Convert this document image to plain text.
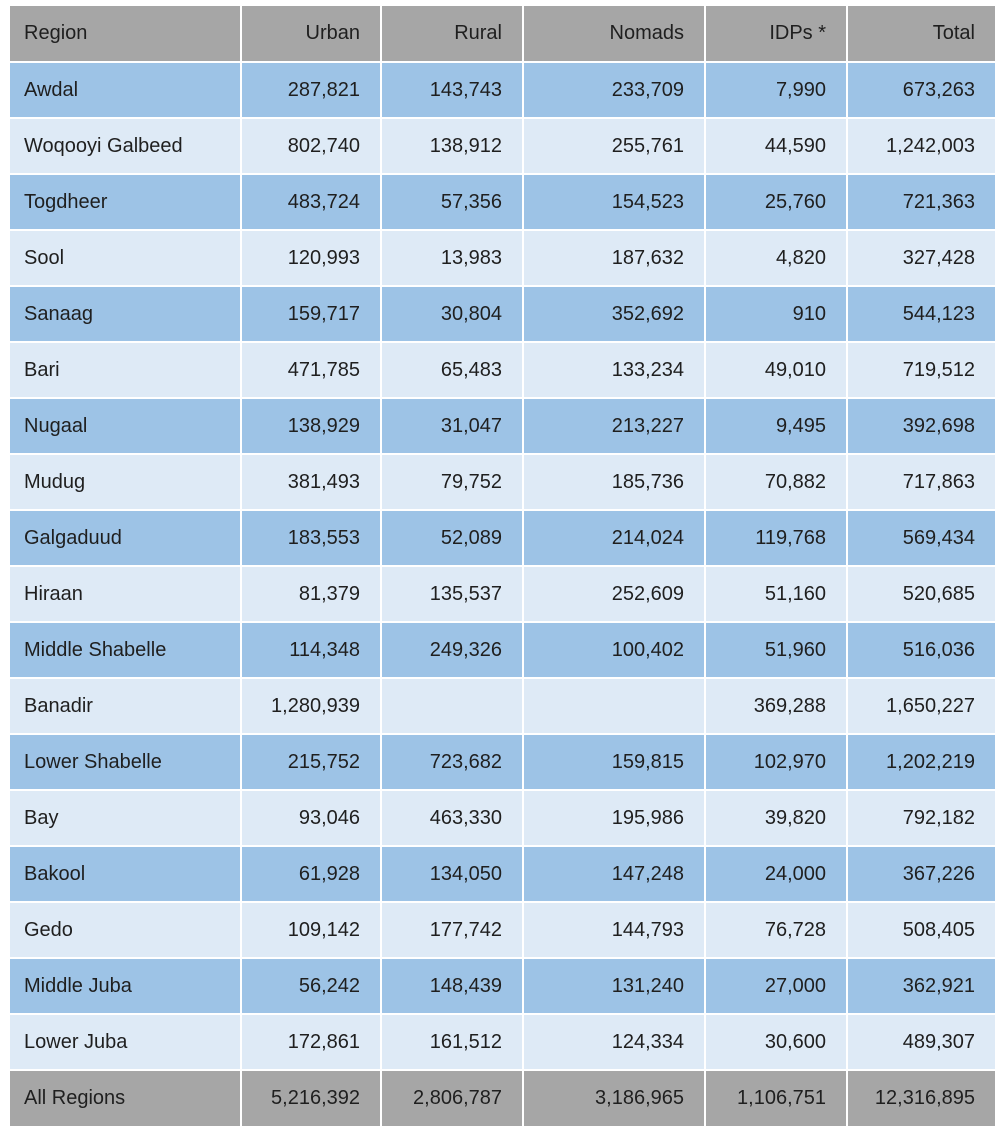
Region	Urban	Rural	Nomads	IDPs *	Total
Awdal	287,821	143,743	233,709	7,990	673,263
Woqooyi Galbeed	802,740	138,912	255,761	44,590	1,242,003
Togdheer	483,724	57,356	154,523	25,760	721,363
Sool	120,993	13,983	187,632	4,820	327,428
Sanaag	159,717	30,804	352,692	910	544,123
Bari	471,785	65,483	133,234	49,010	719,512
Nugaal	138,929	31,047	213,227	9,495	392,698
Mudug	381,493	79,752	185,736	70,882	717,863
Galgaduud	183,553	52,089	214,024	119,768	569,434
Hiraan	81,379	135,537	252,609	51,160	520,685
Middle Shabelle	114,348	249,326	100,402	51,960	516,036
Banadir	1,280,939			369,288	1,650,227
Lower Shabelle	215,752	723,682	159,815	102,970	1,202,219
Bay	93,046	463,330	195,986	39,820	792,182
Bakool	61,928	134,050	147,248	24,000	367,226
Gedo	109,142	177,742	144,793	76,728	508,405
Middle Juba	56,242	148,439	131,240	27,000	362,921
Lower Juba	172,861	161,512	124,334	30,600	489,307
All Regions	5,216,392	2,806,787	3,186,965	1,106,751	12,316,895
